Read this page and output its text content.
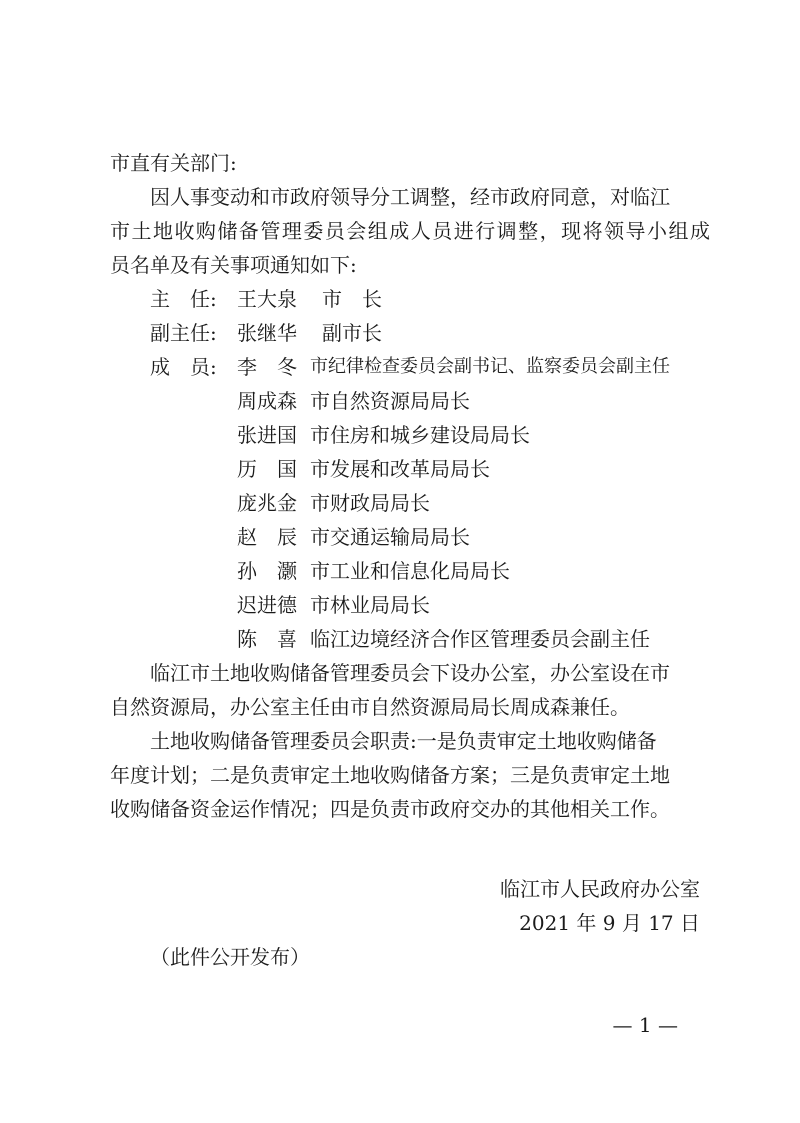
市直有关部门:
因人事变动和市政府领导分工调整，经市政府同意，对临江
市土地收购储备管理委员会组成人员进行调整，现将领导小组成
员名单及有关事项通知如下:
主　任: 王大泉 市　长
副主任: 张继华 副市长
成　员: 李　冬 市纪律检查委员会副书记、监察委员会副主任
周成森 市自然资源局局长
张进国 市住房和城乡建设局局长
历　国 市发展和改革局局长
庞兆金 市财政局局长
赵　辰 市交通运输局局长
孙　灏 市工业和信息化局局长
迟进德 市林业局局长
陈　喜 临江边境经济合作区管理委员会副主任
临江市土地收购储备管理委员会下设办公室，办公室设在市
自然资源局，办公室主任由市自然资源局局长周成森兼任。
土地收购储备管理委员会职责:一是负责审定土地收购储备
年度计划；二是负责审定土地收购储备方案；三是负责审定土地
收购储备资金运作情况；四是负责市政府交办的其他相关工作。
临江市人民政府办公室
2021 年 9 月 17 日
（此件公开发布）
— 1 —
